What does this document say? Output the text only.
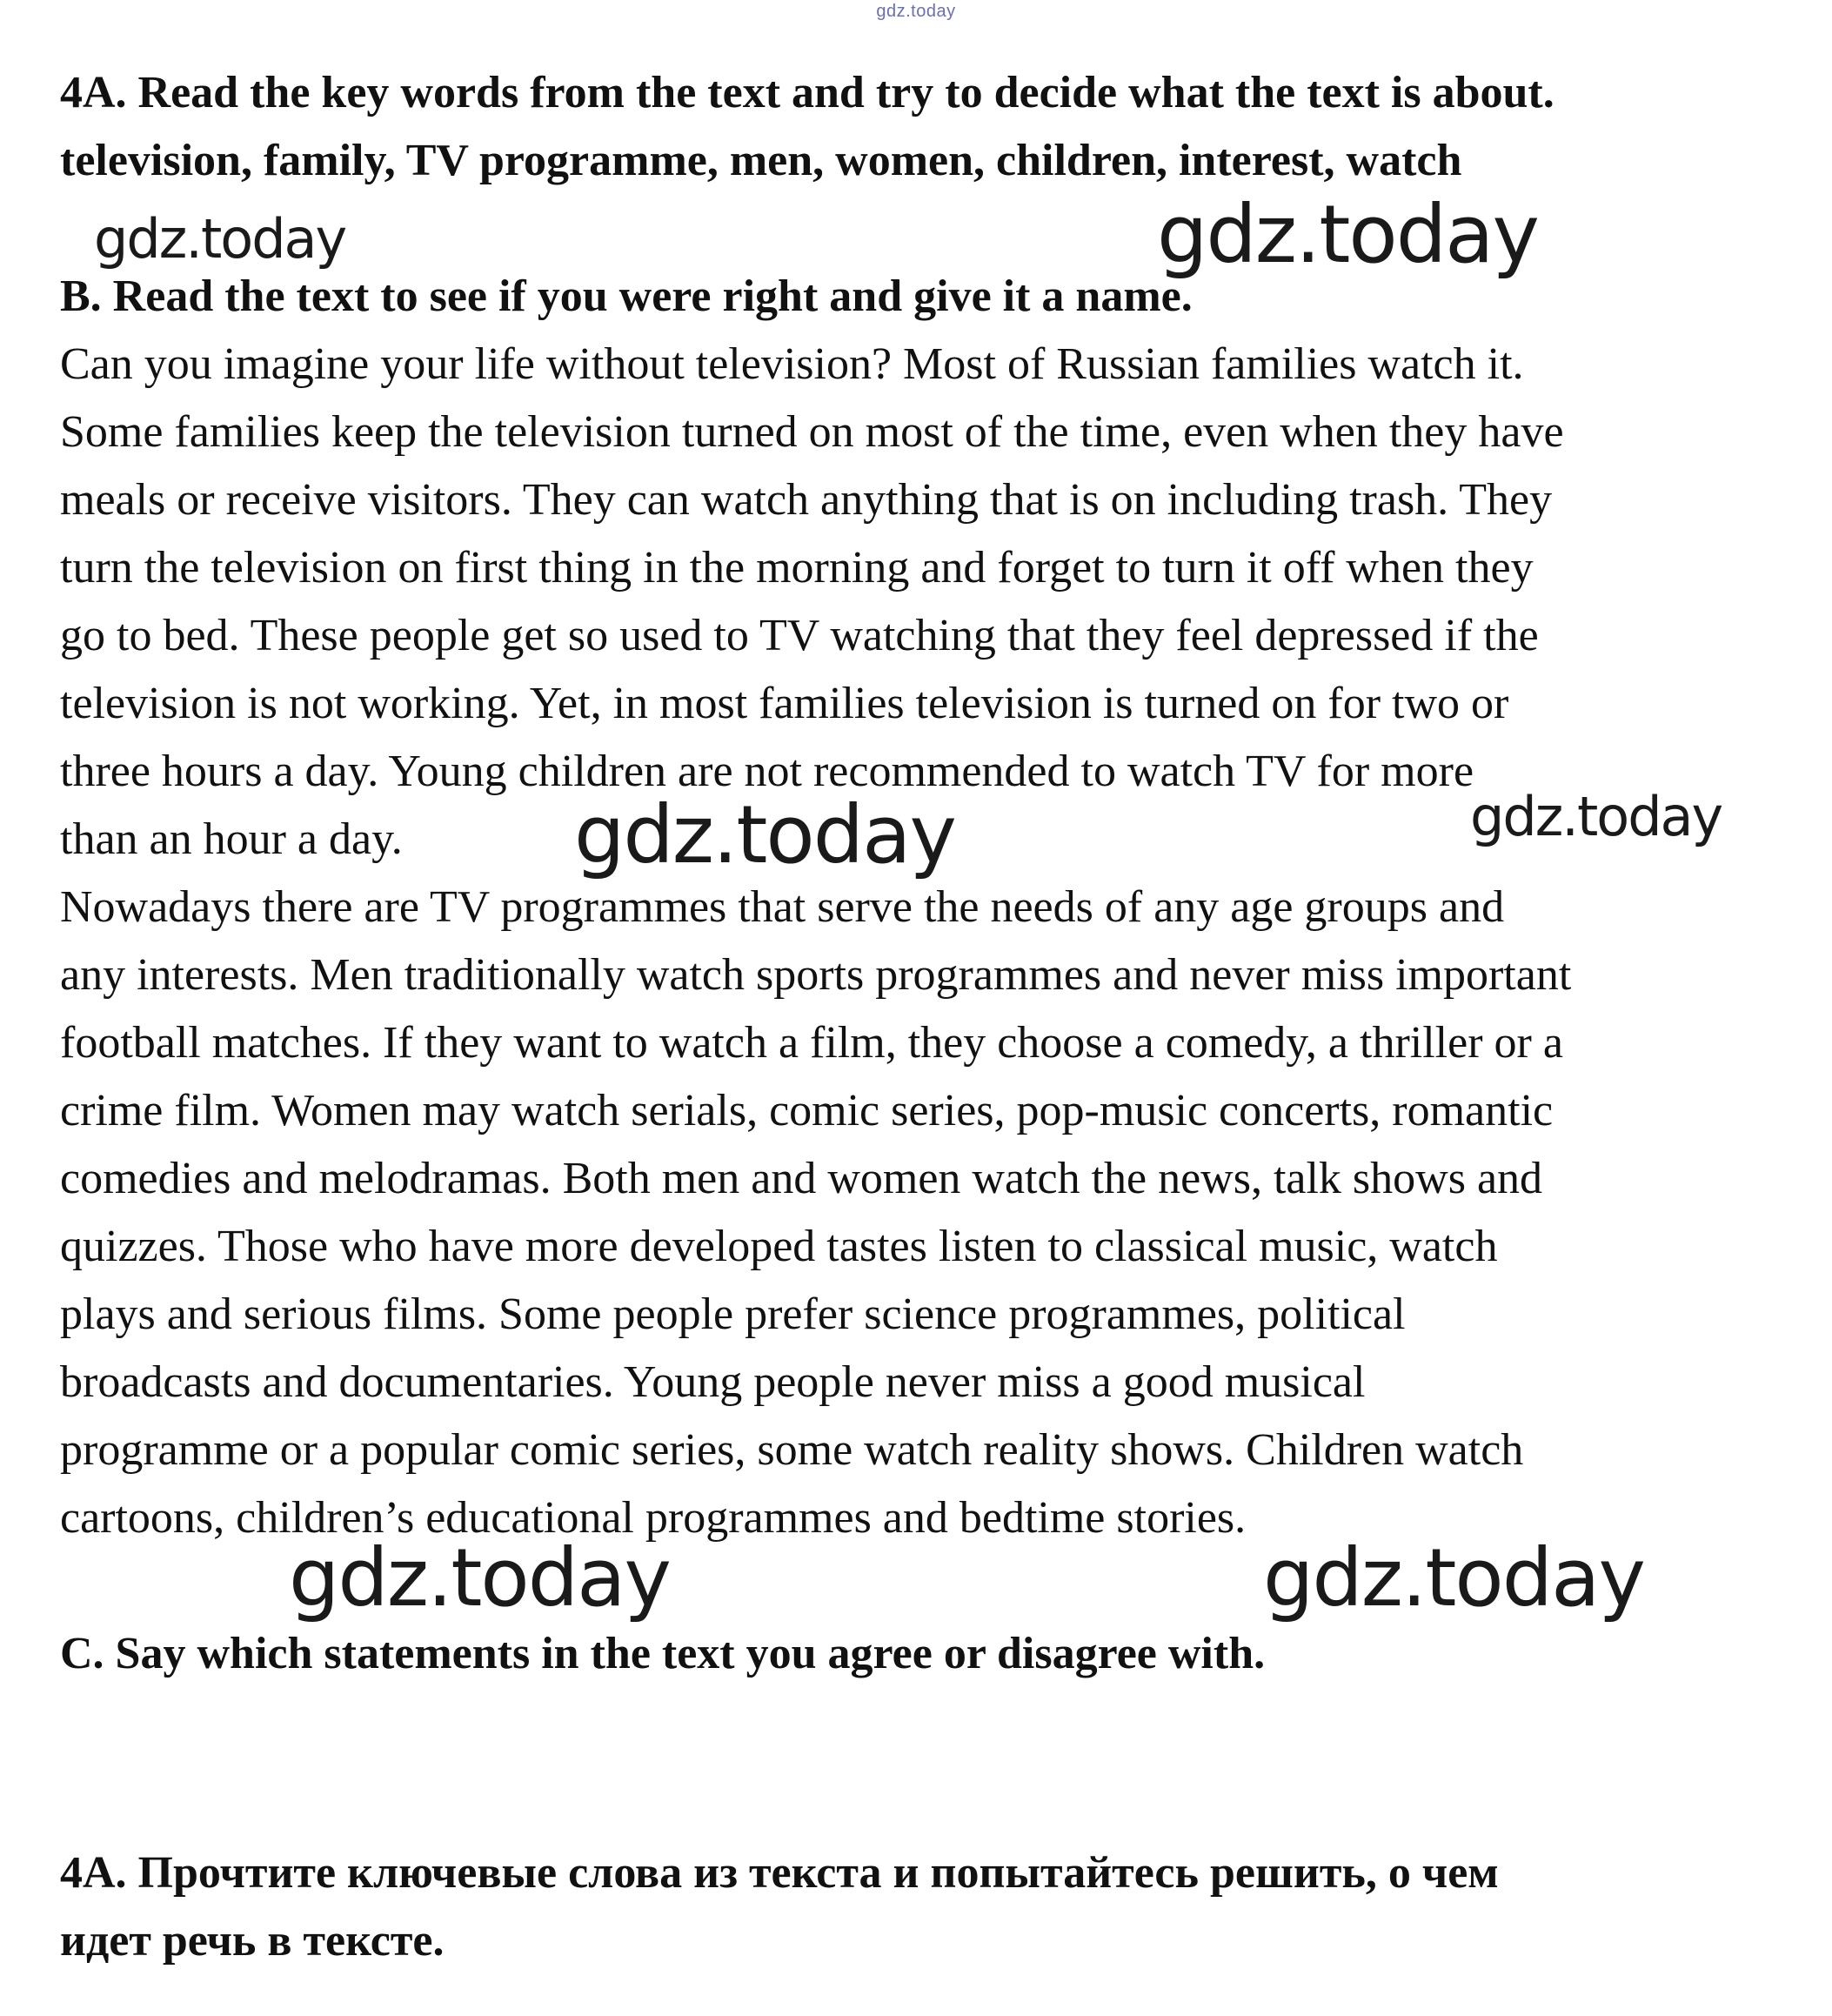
gdz.today

4A. Read the key words from the text and try to decide what the text is about.

television, family, TV programme, men, women, children, interest, watch

B. Read the text to see if you were right and give it a name.

Can you imagine your life without television? Most of Russian families watch it.

Some families keep the television turned on most of the time, even when they have

meals or receive visitors. They can watch anything that is on including trash. They

turn the television on first thing in the morning and forget to turn it off when they

go to bed. These people get so used to TV watching that they feel depressed if the

television is not working. Yet, in most families television is turned on for two or

three hours a day. Young children are not recommended to watch TV for more

than an hour a day.

Nowadays there are TV programmes that serve the needs of any age groups and

any interests. Men traditionally watch sports programmes and never miss important

football matches. If they want to watch a film, they choose a comedy, a thriller or a

crime film. Women may watch serials, comic series, pop-music concerts, romantic

comedies and melodramas. Both men and women watch the news, talk shows and

quizzes. Those who have more developed tastes listen to classical music, watch

plays and serious films. Some people prefer science programmes, political

broadcasts and documentaries. Young people never miss a good musical

programme or a popular comic series, some watch reality shows. Children watch

cartoons, children’s educational programmes and bedtime stories.

C. Say which statements in the text you agree or disagree with.

4A. Прочтите ключевые слова из текста и попытайтесь решить, о чем

идет речь в тексте.

gdz.today	gdz.today
gdz.today	gdz.today
gdz.today	gdz.today
